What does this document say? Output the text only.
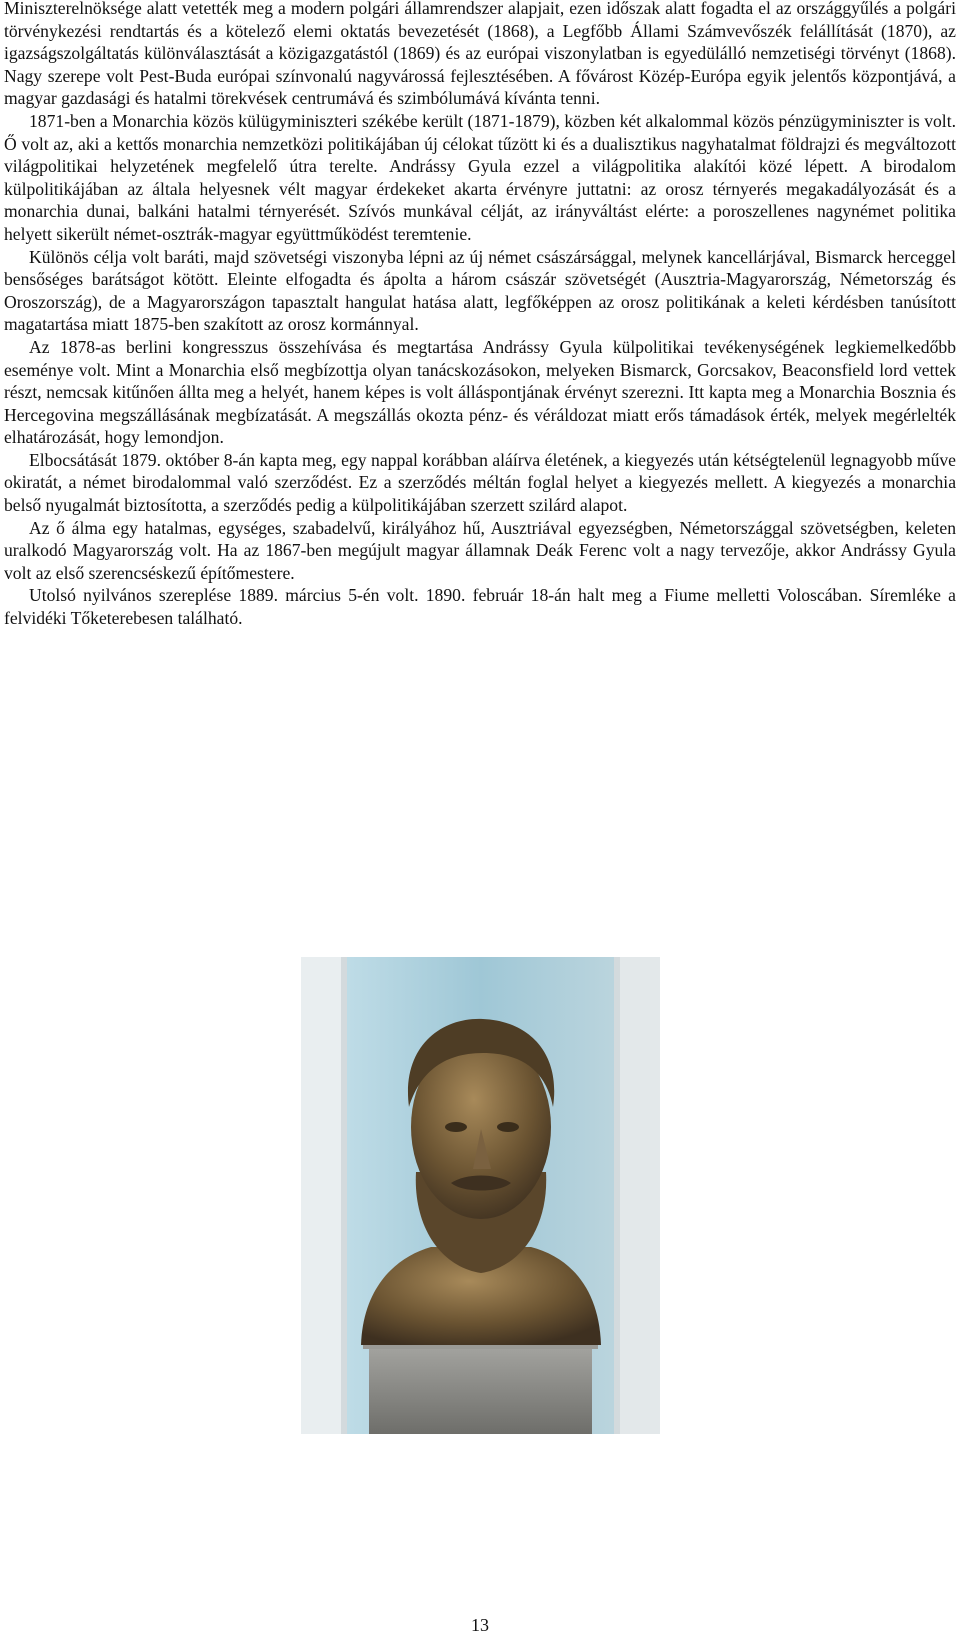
Miniszterelnöksége alatt vetették meg a modern polgári államrendszer alapjait, ezen időszak alatt fogadta el az országgyűlés a polgári törvénykezési rendtartás és a kötelező elemi oktatás bevezetését (1868), a Legfőbb Állami Számvevőszék felállítását (1870), az igazságszolgáltatás különválasztását a közigazgatástól (1869) és az európai viszonylatban is egyedülálló nemzetiségi törvényt (1868). Nagy szerepe volt Pest-Buda európai színvonalú nagyvárossá fejlesztésében. A fővárost Közép-Európa egyik jelentős központjává, a magyar gazdasági és hatalmi törekvések centrumává és szimbólumává kívánta tenni.

1871-ben a Monarchia közös külügyminiszteri székébe került (1871-1879), közben két alkalommal közös pénzügyminiszter is volt. Ő volt az, aki a kettős monarchia nemzetközi politikájában új célokat tűzött ki és a dualisztikus nagyhatalmat földrajzi és megváltozott világpolitikai helyzetének megfelelő útra terelte. Andrássy Gyula ezzel a világpolitika alakítói közé lépett. A birodalom külpolitikájában az általa helyesnek vélt magyar érdekeket akarta érvényre juttatni: az orosz térnyerés megakadályozását és a monarchia dunai, balkáni hatalmi térnyerését. Szívós munkával célját, az irányváltást elérte: a poroszellenes nagynémet politika helyett sikerült német-osztrák-magyar együttműködést teremtenie.

Különös célja volt baráti, majd szövetségi viszonyba lépni az új német császársággal, melynek kancellárjával, Bismarck herceggel bensőséges barátságot kötött. Eleinte elfogadta és ápolta a három császár szövetségét (Ausztria-Magyarország, Németország és Oroszország), de a Magyarországon tapasztalt hangulat hatása alatt, legfőképpen az orosz politikának a keleti kérdésben tanúsított magatartása miatt 1875-ben szakított az orosz kormánnyal.

Az 1878-as berlini kongresszus összehívása és megtartása Andrássy Gyula külpolitikai tevékenységének legkiemelkedőbb eseménye volt. Mint a Monarchia első megbízottja olyan tanácskozásokon, melyeken Bismarck, Gorcsakov, Beaconsfield lord vettek részt, nemcsak kitűnően állta meg a helyét, hanem képes is volt álláspontjának érvényt szerezni. Itt kapta meg a Monarchia Bosznia és Hercegovina megszállásának megbízatását. A megszállás okozta pénz- és véráldozat miatt erős támadások érték, melyek megérlelték elhatározását, hogy lemondjon.

Elbocsátását 1879. október 8-án kapta meg, egy nappal korábban aláírva életének, a kiegyezés után kétségtelenül legnagyobb műve okiratát, a német birodalommal való szerződést. Ez a szerződés méltán foglal helyet a kiegyezés mellett. A kiegyezés a monarchia belső nyugalmát biztosította, a szerződés pedig a külpolitikájában szerzett szilárd alapot.

Az ő álma egy hatalmas, egységes, szabadelvű, királyához hű, Ausztriával egyezségben, Németországgal szövetségben, keleten uralkodó Magyarország volt. Ha az 1867-ben megújult magyar államnak Deák Ferenc volt a nagy tervezője, akkor Andrássy Gyula volt az első szerencséskezű építőmestere.

Utolsó nyilvános szereplése 1889. március 5-én volt. 1890. február 18-án halt meg a Fiume melletti Voloscában. Síremléke a felvidéki Tőketerebesen található.

13
